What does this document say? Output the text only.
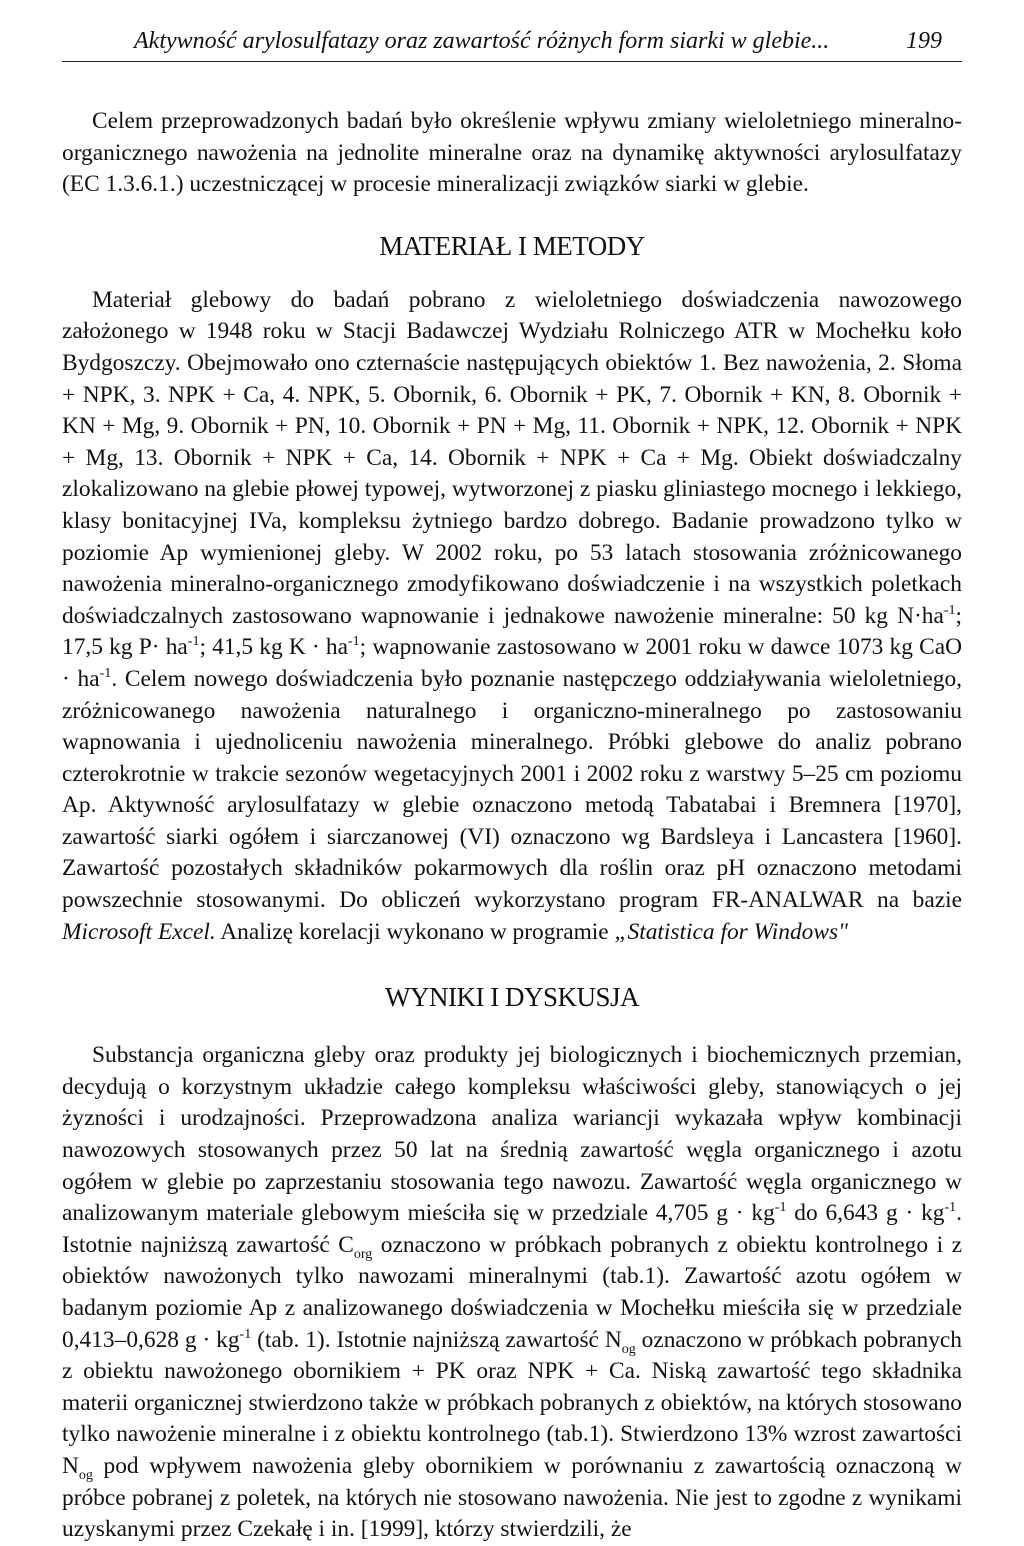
Aktywność arylosulfatazy oraz zawartość różnych form siarki w glebie...	199

Celem przeprowadzonych badań było określenie wpływu zmiany wieloletniego mineralno-organicznego nawożenia na jednolite mineralne oraz na dynamikę aktywności arylosulfatazy (EC 1.3.6.1.) uczestniczącej w procesie mineralizacji związków siarki w glebie.

MATERIAŁ I METODY

Materiał glebowy do badań pobrano z wieloletniego doświadczenia nawozowego założonego w 1948 roku w Stacji Badawczej Wydziału Rolniczego ATR w Mochełku koło Bydgoszczy. Obejmowało ono czternaście następujących obiektów 1. Bez nawożenia, 2. Słoma + NPK, 3. NPK + Ca, 4. NPK, 5. Obornik, 6. Obornik + PK, 7. Obornik + KN, 8. Obornik + KN + Mg, 9. Obornik + PN, 10. Obornik + PN + Mg, 11. Obornik + NPK, 12. Obornik + NPK + Mg, 13. Obornik + NPK + Ca, 14. Obornik + NPK + Ca + Mg. Obiekt doświadczalny zlokalizowano na glebie płowej typowej, wytworzonej z piasku gliniastego mocnego i lekkiego, klasy bonitacyjnej IVa, kompleksu żytniego bardzo dobrego. Badanie prowadzono tylko w poziomie Ap wymienionej gleby. W 2002 roku, po 53 latach stosowania zróżnicowanego nawożenia mineralno-organicznego zmodyfikowano doświadczenie i na wszystkich poletkach doświadczalnych zastosowano wapnowanie i jednakowe nawożenie mineralne: 50 kg $N\cdot ha^{-1}$; 17,5 kg $P\cdot ha^{-1}$; 41,5 kg $K \cdot ha^{-1}$; wapnowanie zastosowano w 2001 roku w dawce 1073 kg CaO · $ha^{-1}$. Celem nowego doświadczenia było poznanie następczego oddziaływania wieloletniego, zróżnicowanego nawożenia naturalnego i organiczno-mineralnego po zastosowaniu wapnowania i ujednoliceniu nawożenia mineralnego. Próbki glebowe do analiz pobrano czterokrotnie w trakcie sezonów wegetacyjnych 2001 i 2002 roku z warstwy 5–25 cm poziomu Ap. Aktywność arylosulfatazy w glebie oznaczono metodą Tabatabai i Bremnera [1970], zawartość siarki ogółem i siarczanowej (VI) oznaczono wg Bardsleya i Lancastera [1960]. Zawartość pozostałych składników pokarmowych dla roślin oraz pH oznaczono metodami powszechnie stosowanymi. Do obliczeń wykorzystano program FR-ANALWAR na bazie Microsoft Excel. Analizę korelacji wykonano w programie „Statistica for Windows"

WYNIKI I DYSKUSJA

Substancja organiczna gleby oraz produkty jej biologicznych i biochemicznych przemian, decydują o korzystnym układzie całego kompleksu właściwości gleby, stanowiących o jej żyzności i urodzajności. Przeprowadzona analiza wariancji wykazała wpływ kombinacji nawozowych stosowanych przez 50 lat na średnią zawartość węgla organicznego i azotu ogółem w glebie po zaprzestaniu stosowania tego nawozu. Zawartość węgla organicznego w analizowanym materiale glebowym mieściła się w przedziale 4,705 $g \cdot kg^{-1}$ do 6,643 $g \cdot kg^{-1}$. Istotnie najniższą zawartość $C_{org}$ oznaczono w próbkach pobranych z obiektu kontrolnego i z obiektów nawożonych tylko nawozami mineralnymi (tab.1). Zawartość azotu ogółem w badanym poziomie Ap z analizowanego doświadczenia w Mochełku mieściła się w przedziale 0,413–0,628 $g \cdot kg^{-1}$ (tab. 1). Istotnie najniższą zawartość $N_{og}$ oznaczono w próbkach pobranych z obiektu nawożonego obornikiem + PK oraz NPK + Ca. Niską zawartość tego składnika materii organicznej stwierdzono także w próbkach pobranych z obiektów, na których stosowano tylko nawożenie mineralne i z obiektu kontrolnego (tab.1). Stwierdzono 13% wzrost zawartości $N_{og}$ pod wpływem nawożenia gleby obornikiem w porównaniu z zawartością oznaczoną w próbce pobranej z poletek, na których nie stosowano nawożenia. Nie jest to zgodne z wynikami uzyskanymi przez Czekałę i in. [1999], którzy stwierdzili, że
